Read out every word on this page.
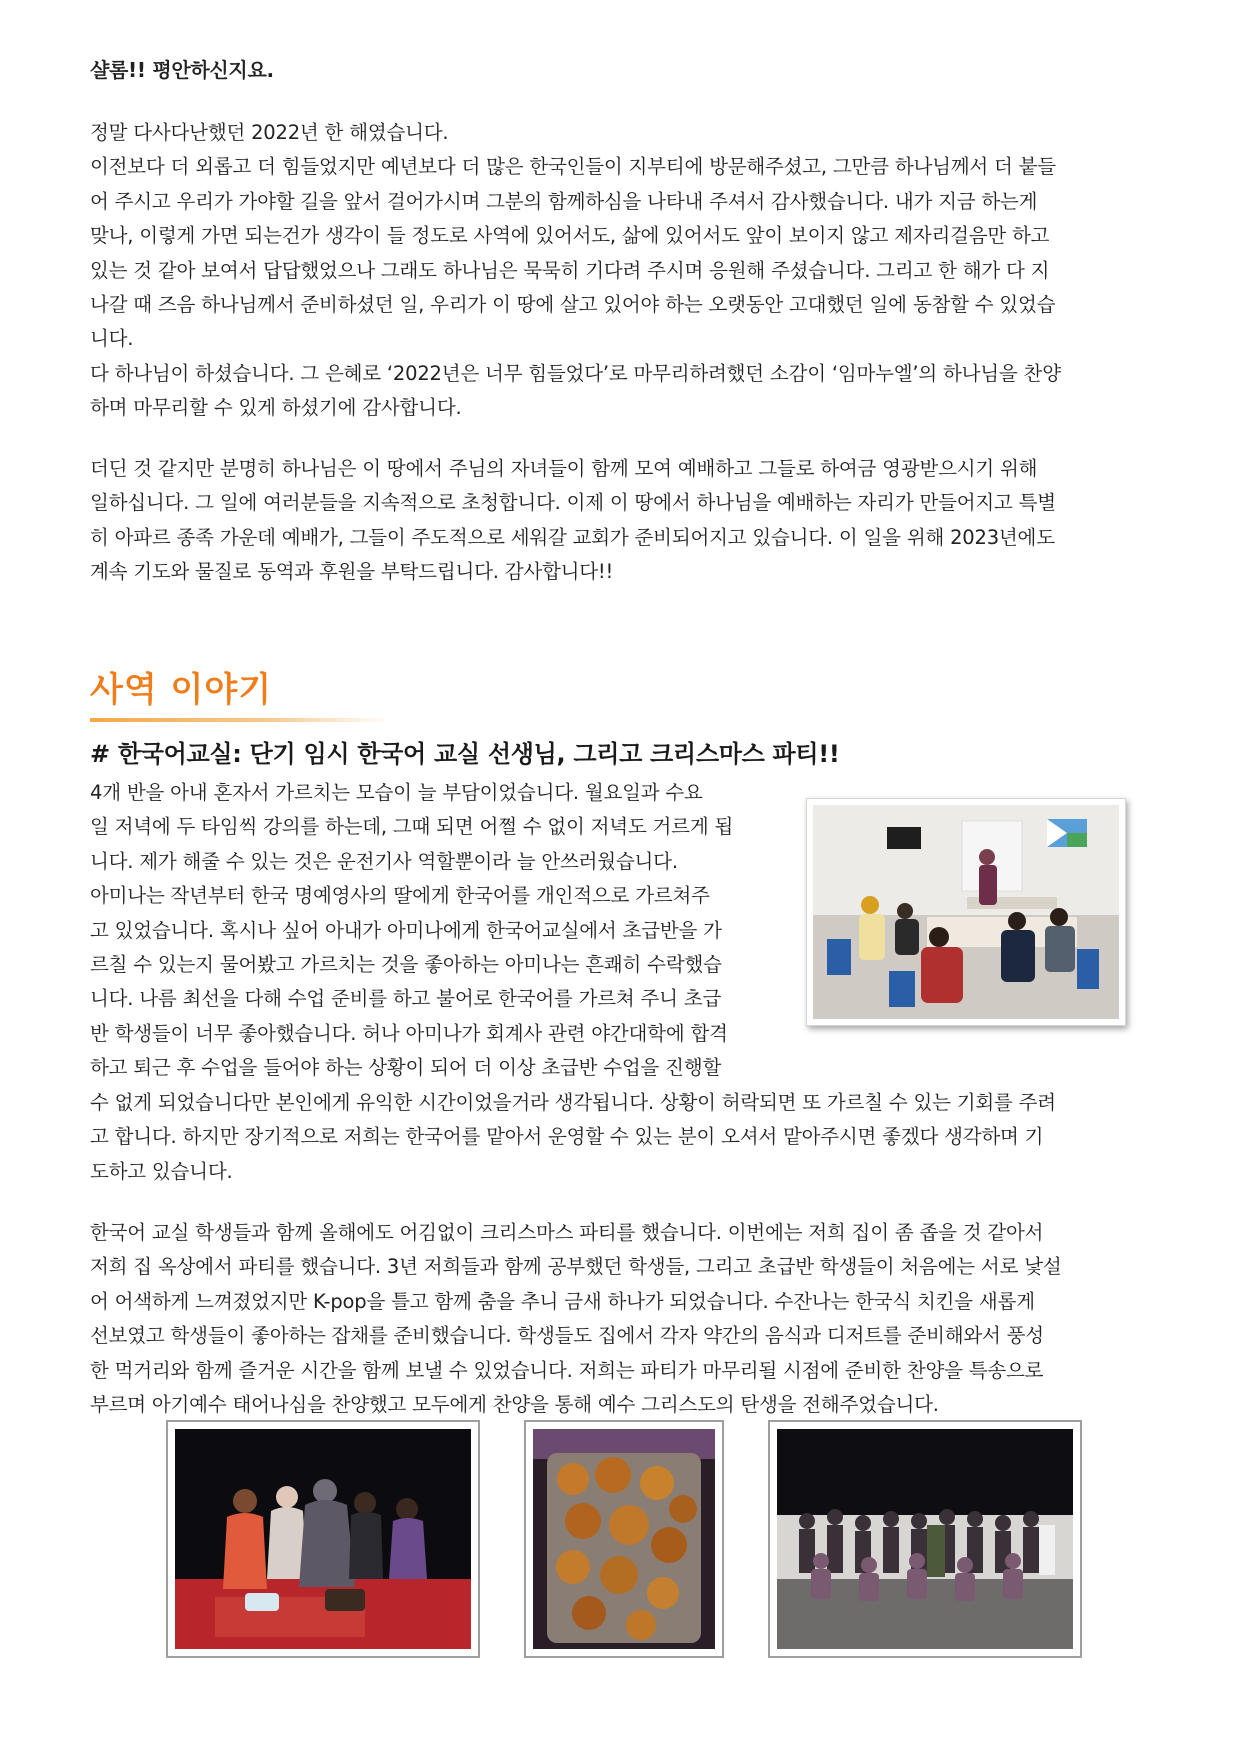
샬롬!! 평안하신지요.

정말 다사다난했던 2022년 한 해였습니다.
이전보다 더 외롭고 더 힘들었지만 예년보다 더 많은 한국인들이 지부티에 방문해주셨고, 그만큼 하나님께서 더 붙들
어 주시고 우리가 가야할 길을 앞서 걸어가시며 그분의 함께하심을 나타내 주셔서 감사했습니다. 내가 지금 하는게
맞나, 이렇게 가면 되는건가 생각이 들 정도로 사역에 있어서도, 삶에 있어서도 앞이 보이지 않고 제자리걸음만 하고
있는 것 같아 보여서 답답했었으나 그래도 하나님은 묵묵히 기다려 주시며 응원해 주셨습니다. 그리고 한 해가 다 지
나갈 때 즈음 하나님께서 준비하셨던 일, 우리가 이 땅에 살고 있어야 하는 오랫동안 고대했던 일에 동참할 수 있었습
니다.
다 하나님이 하셨습니다. 그 은혜로 ‘2022년은 너무 힘들었다’로 마무리하려했던 소감이 ‘임마누엘’의 하나님을 찬양
하며 마무리할 수 있게 하셨기에 감사합니다.
더딘 것 같지만 분명히 하나님은 이 땅에서 주님의 자녀들이 함께 모여 예배하고 그들로 하여금 영광받으시기 위해
일하십니다. 그 일에 여러분들을 지속적으로 초청합니다. 이제 이 땅에서 하나님을 예배하는 자리가 만들어지고 특별
히 아파르 종족 가운데 예배가, 그들이 주도적으로 세워갈 교회가 준비되어지고 있습니다. 이 일을 위해 2023년에도
계속 기도와 물질로 동역과 후원을 부탁드립니다. 감사합니다!!
사역 이야기
# 한국어교실: 단기 임시 한국어 교실 선생님, 그리고 크리스마스 파티!!
4개 반을 아내 혼자서 가르치는 모습이 늘 부담이었습니다. 월요일과 수요
일 저녁에 두 타임씩 강의를 하는데, 그때 되면 어쩔 수 없이 저녁도 거르게 됩
니다. 제가 해줄 수 있는 것은 운전기사 역할뿐이라 늘 안쓰러웠습니다.
아미나는 작년부터 한국 명예영사의 딸에게 한국어를 개인적으로 가르쳐주
고 있었습니다. 혹시나 싶어 아내가 아미나에게 한국어교실에서 초급반을 가
르칠 수 있는지 물어봤고 가르치는 것을 좋아하는 아미나는 흔쾌히 수락했습
니다. 나름 최선을 다해 수업 준비를 하고 불어로 한국어를 가르쳐 주니 초급
반 학생들이 너무 좋아했습니다. 허나 아미나가 회계사 관련 야간대학에 합격
하고 퇴근 후 수업을 들어야 하는 상황이 되어 더 이상 초급반 수업을 진행할
수 없게 되었습니다만 본인에게 유익한 시간이었을거라 생각됩니다. 상황이 허락되면 또 가르칠 수 있는 기회를 주려
고 합니다. 하지만 장기적으로 저희는 한국어를 맡아서 운영할 수 있는 분이 오셔서 맡아주시면 좋겠다 생각하며 기
도하고 있습니다.
한국어 교실 학생들과 함께 올해에도 어김없이 크리스마스 파티를 했습니다. 이번에는 저희 집이 좀 좁을 것 같아서
저희 집 옥상에서 파티를 했습니다. 3년 저희들과 함께 공부했던 학생들, 그리고 초급반 학생들이 처음에는 서로 낯설
어 어색하게 느껴졌었지만 K-pop을 틀고 함께 춤을 추니 금새 하나가 되었습니다. 수잔나는 한국식 치킨을 새롭게
선보였고 학생들이 좋아하는 잡채를 준비했습니다. 학생들도 집에서 각자 약간의 음식과 디저트를 준비해와서 풍성
한 먹거리와 함께 즐거운 시간을 함께 보낼 수 있었습니다. 저희는 파티가 마무리될 시점에 준비한 찬양을 특송으로
부르며 아기예수 태어나심을 찬양했고 모두에게 찬양을 통해 예수 그리스도의 탄생을 전해주었습니다.
